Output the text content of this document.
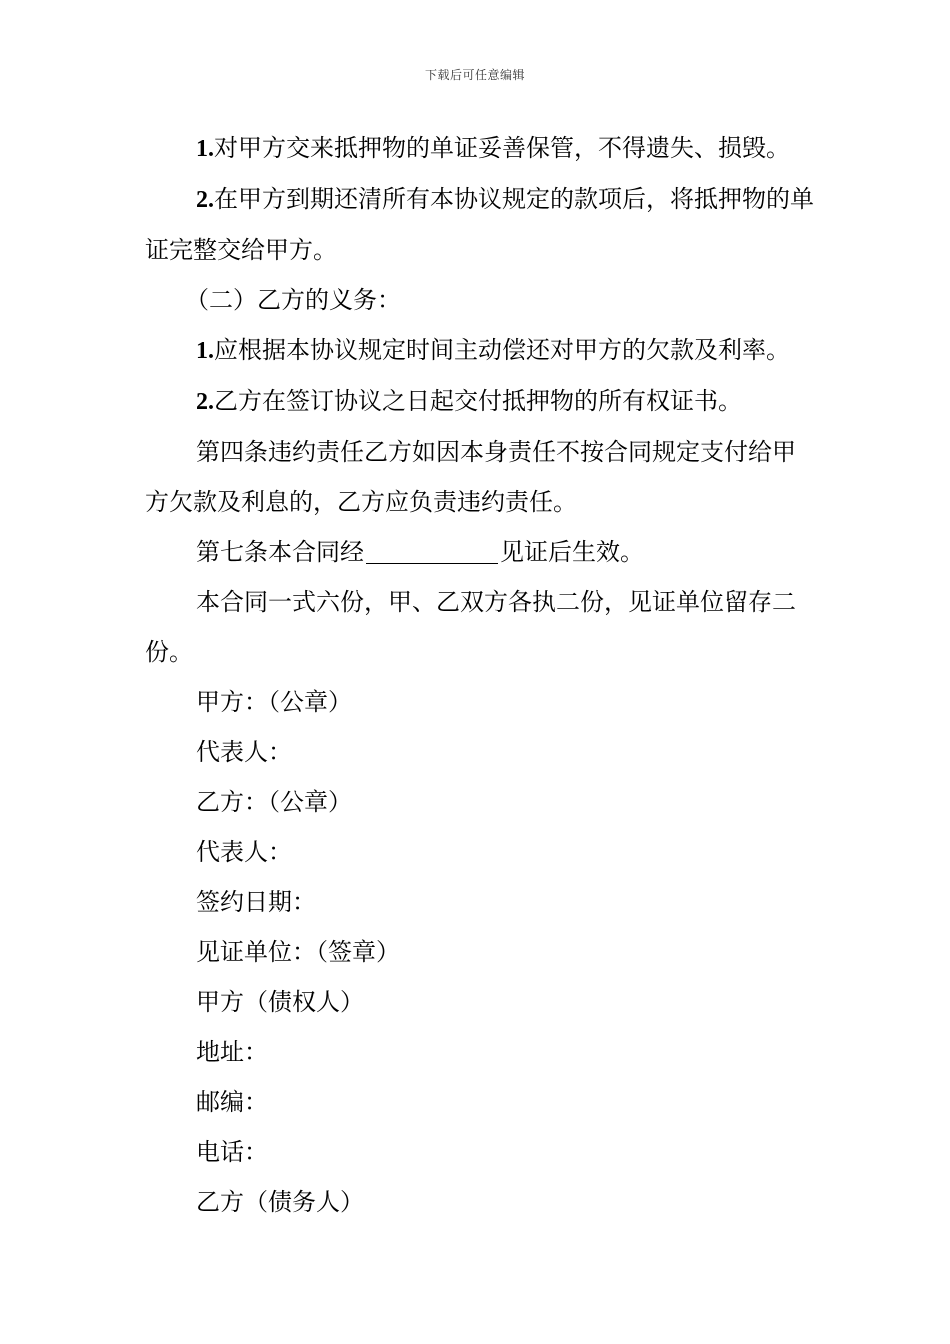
下载后可任意编辑

1.对甲方交来抵押物的单证妥善保管，不得遗失、损毁。

2.在甲方到期还清所有本协议规定的款项后，将抵押物的单证完整交给甲方。

（二）乙方的义务：

1.应根据本协议规定时间主动偿还对甲方的欠款及利率。

2.乙方在签订协议之日起交付抵押物的所有权证书。

第四条违约责任乙方如因本身责任不按合同规定支付给甲方欠款及利息的，乙方应负责违约责任。

第七条本合同经	见证后生效。

本合同一式六份，甲、乙双方各执二份，见证单位留存二份。

甲方：（公章）

代表人：

乙方：（公章）

代表人：

签约日期：

见证单位：（签章）

甲方（债权人）

地址：

邮编：

电话：

乙方（债务人）
